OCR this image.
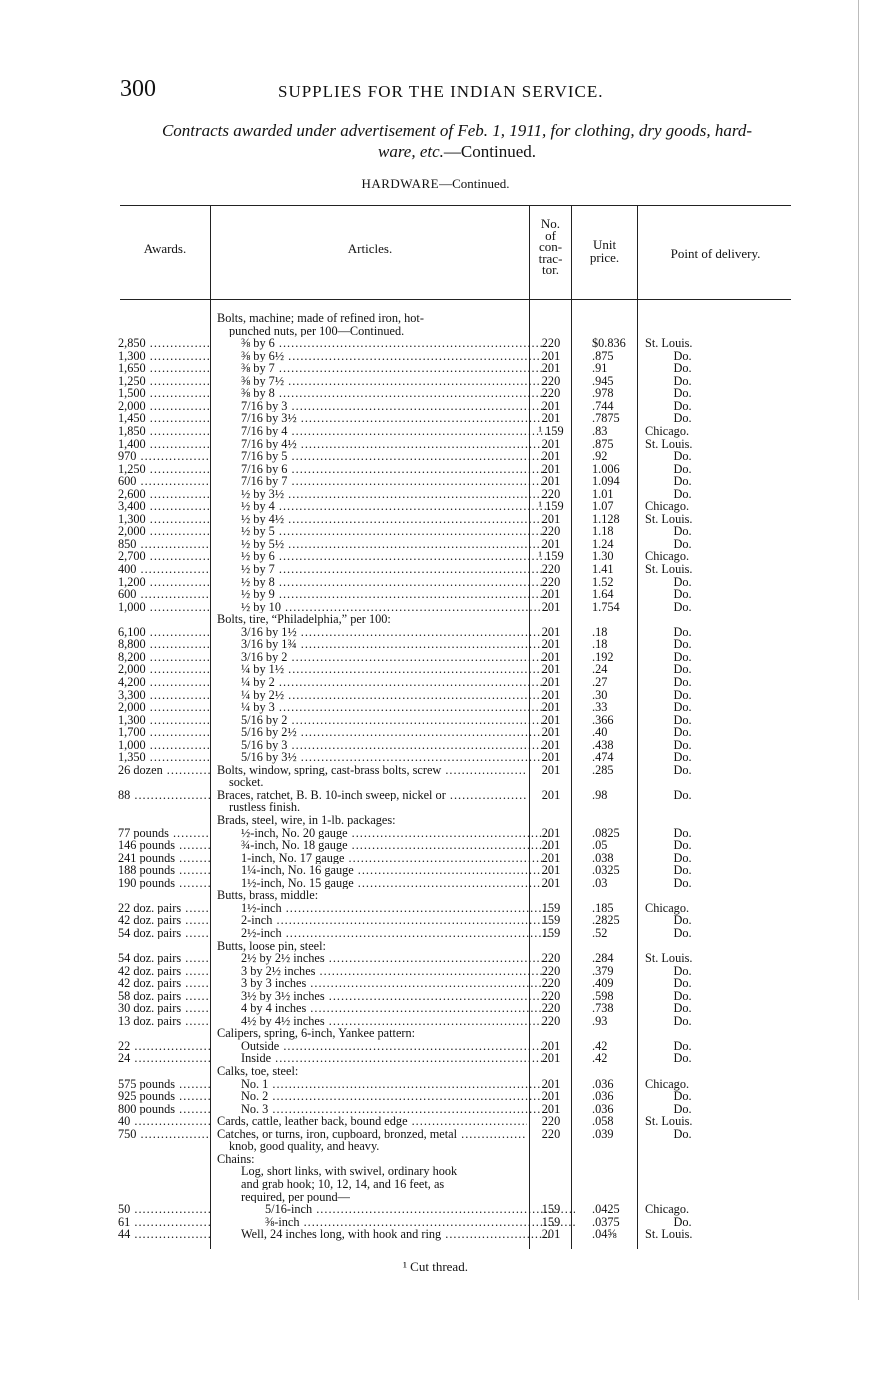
300	SUPPLIES FOR THE INDIAN SERVICE.
Contracts awarded under advertisement of Feb. 1, 1911, for clothing, dry goods, hard-
ware, etc.—Continued.
HARDWARE—Continued.
Awards.	Articles.
No.
of
con-
trac-
tor.
Unit
price.	Point of delivery.
Bolts, machine; made of refined iron, hot-
punched nuts, per 100—Continued.
2,850 .....	⅜ by 6 .....	220	$0.836	St. Louis.
1,300 .....	⅜ by 6½ .....	201	.875	Do.
1,650 .....	⅜ by 7 .....	201	.91	Do.
1,250 .....	⅜ by 7½ .....	220	.945	Do.
1,500 .....	⅜ by 8 .....	220	.978	Do.
2,000 .....	7/16 by 3 .....	201	.744	Do.
1,450 .....	7/16 by 3½ .....	201	.7875	Do.
1,850 .....	7/16 by 4 .....	¹ 159	.83	Chicago.
1,400 .....	7/16 by 4½ .....	201	.875	St. Louis.
970 .....	7/16 by 5 .....	201	.92	Do.
1,250 .....	7/16 by 6 .....	201	1.006	Do.
600 .....	7/16 by 7 .....	201	1.094	Do.
2,600 .....	½ by 3½ .....	220	1.01	Do.
3,400 .....	½ by 4 .....	¹ 159	1.07	Chicago.
1,300 .....	½ by 4½ .....	201	1.128	St. Louis.
2,000 .....	½ by 5 .....	220	1.18	Do.
850 .....	½ by 5½ .....	201	1.24	Do.
2,700 .....	½ by 6 .....	¹ 159	1.30	Chicago.
400 .....	½ by 7 .....	220	1.41	St. Louis.
1,200 .....	½ by 8 .....	220	1.52	Do.
600 .....	½ by 9 .....	201	1.64	Do.
1,000 .....	½ by 10 .....	201	1.754	Do.
Bolts, tire, “Philadelphia,” per 100:
6,100 .....	3/16 by 1½ .....	201	.18	Do.
8,800 .....	3/16 by 1¾ .....	201	.18	Do.
8,200 .....	3/16 by 2 .....	201	.192	Do.
2,000 .....	¼ by 1½ .....	201	.24	Do.
4,200 .....	¼ by 2 .....	201	.27	Do.
3,300 .....	¼ by 2½ .....	201	.30	Do.
2,000 .....	¼ by 3 .....	201	.33	Do.
1,300 .....	5/16 by 2 .....	201	.366	Do.
1,700 .....	5/16 by 2½ .....	201	.40	Do.
1,000 .....	5/16 by 3 .....	201	.438	Do.
1,350 .....	5/16 by 3½ .....	201	.474	Do.
26 dozen .....	Bolts, window, spring, cast-brass bolts, screw .....	201	.285	Do.
socket.
88 .....	Braces, ratchet, B. B. 10-inch sweep, nickel or .....	201	.98	Do.
rustless finish.
Brads, steel, wire, in 1-lb. packages:
77 pounds .....	½-inch, No. 20 gauge .....	201	.0825	Do.
146 pounds .....	¾-inch, No. 18 gauge .....	201	.05	Do.
241 pounds .....	1-inch, No. 17 gauge .....	201	.038	Do.
188 pounds .....	1¼-inch, No. 16 gauge .....	201	.0325	Do.
190 pounds .....	1½-inch, No. 15 gauge .....	201	.03	Do.
Butts, brass, middle:
22 doz. pairs .....	1½-inch .....	159	.185	Chicago.
42 doz. pairs .....	2-inch .....	159	.2825	Do.
54 doz. pairs .....	2½-inch .....	159	.52	Do.
Butts, loose pin, steel:
54 doz. pairs .....	2½ by 2½ inches .....	220	.284	St. Louis.
42 doz. pairs .....	3 by 2½ inches .....	220	.379	Do.
42 doz. pairs .....	3 by 3 inches .....	220	.409	Do.
58 doz. pairs .....	3½ by 3½ inches .....	220	.598	Do.
30 doz. pairs .....	4 by 4 inches .....	220	.738	Do.
13 doz. pairs .....	4½ by 4½ inches .....	220	.93	Do.
Calipers, spring, 6-inch, Yankee pattern:
22 .....	Outside .....	201	.42	Do.
24 .....	Inside .....	201	.42	Do.
Calks, toe, steel:
575 pounds .....	No. 1 .....	201	.036	Chicago.
925 pounds .....	No. 2 .....	201	.036	Do.
800 pounds .....	No. 3 .....	201	.036	Do.
40 .....	Cards, cattle, leather back, bound edge .....	220	.058	St. Louis.
750 .....	Catches, or turns, iron, cupboard, bronzed, metal .....	220	.039	Do.
knob, good quality, and heavy.
Chains:
Log, short links, with swivel, ordinary hook
and grab hook; 10, 12, 14, and 16 feet, as
required, per pound—
50 .....	5/16-inch .....	159	.0425	Chicago.
61 .....	⅜-inch .....	159	.0375	Do.
44 .....	Well, 24 inches long, with hook and ring .....	201	.04⅝	St. Louis.
¹ Cut thread.
